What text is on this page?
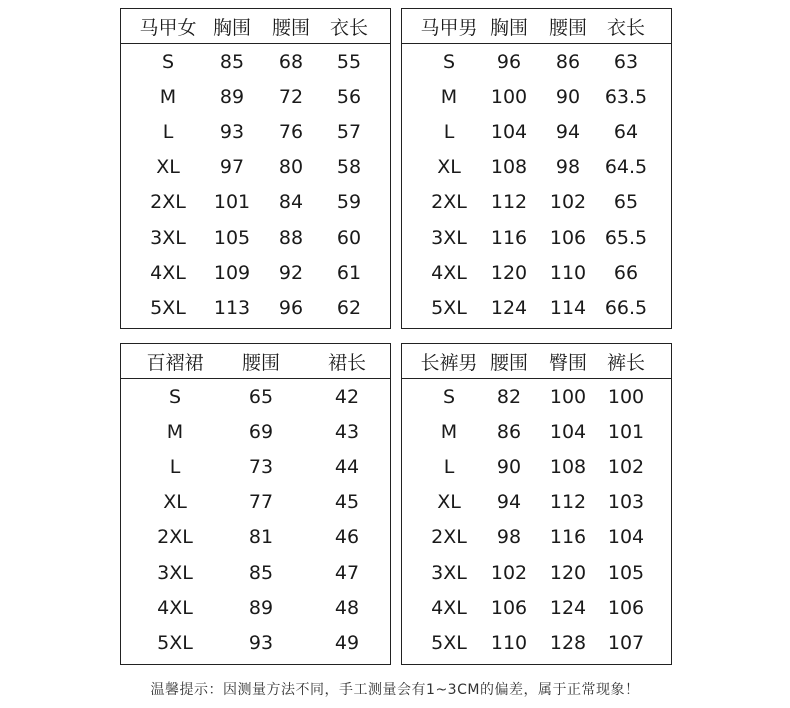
马甲女 胸围	腰围	衣长
S	85	68	55
M	89	72	56
L	93	76	57
XL	97	80	58
2XL	101	84	59
3XL	105	88	60
4XL	109	92	61
5XL	113	96	62
马甲男 胸围	腰围	衣长
S	96	86	63
M	100	90	63.5
L	104	94	64
XL	108	98	64.5
2XL	112	102	65
3XL	116	106 65.5
4XL	120	110	66
5XL	124	114 66.5
百褶裙	腰围	裙长
S	65	42
M	69	43
L	73	44
XL	77	45
2XL	81	46
3XL	85	47
4XL	89	48
5XL	93	49
长裤男 腰围	臀围	裤长
S	82	100	100
M	86	104	101
L	90	108	102
XL	94	112	103
2XL	98	116	104
3XL	102	120	105
4XL	106	124	106
5XL	110	128	107
温馨提示：因测量方法不同，手工测量会有1~3CM的偏差，属于正常现象！
